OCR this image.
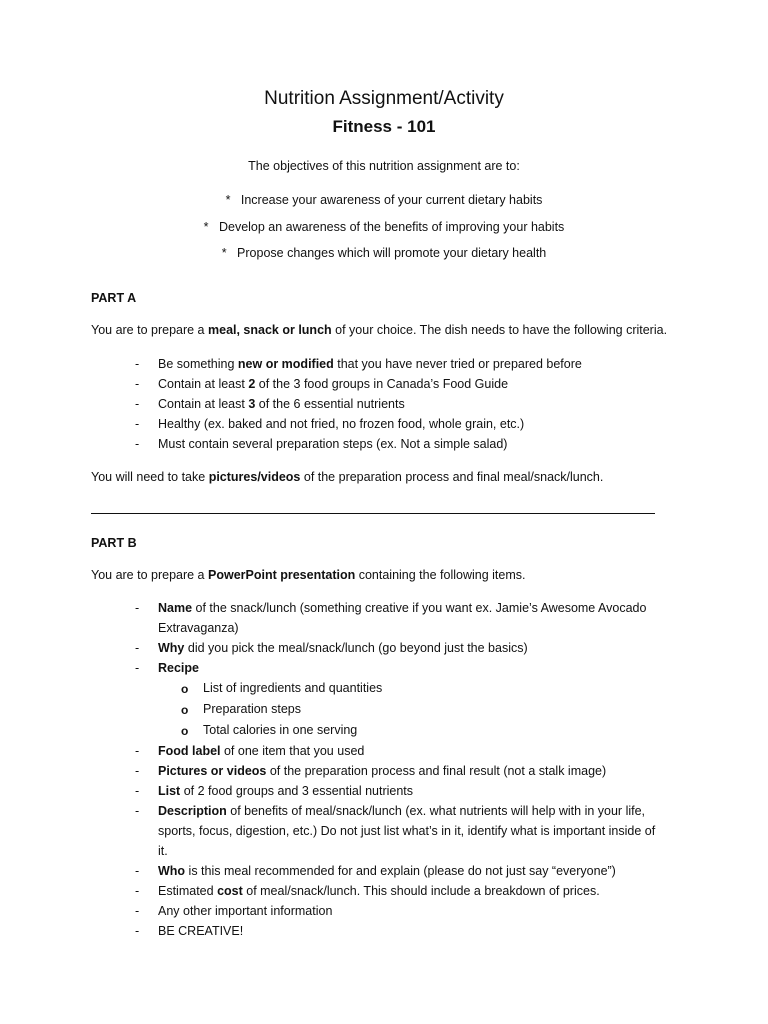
Nutrition Assignment/Activity
Fitness - 101
The objectives of this nutrition assignment are to:
* Increase your awareness of your current dietary habits
* Develop an awareness of the benefits of improving your habits
* Propose changes which will promote your dietary health
PART A
You are to prepare a meal, snack or lunch of your choice. The dish needs to have the following criteria.
- Be something new or modified that you have never tried or prepared before
- Contain at least 2 of the 3 food groups in Canada’s Food Guide
- Contain at least 3 of the 6 essential nutrients
- Healthy (ex. baked and not fried, no frozen food, whole grain, etc.)
- Must contain several preparation steps (ex. Not a simple salad)
You will need to take pictures/videos of the preparation process and final meal/snack/lunch.
PART B
You are to prepare a PowerPoint presentation containing the following items.
- Name of the snack/lunch (something creative if you want ex. Jamie’s Awesome Avocado
Extravaganza)
- Why did you pick the meal/snack/lunch (go beyond just the basics)
- Recipe
o List of ingredients and quantities
o Preparation steps
o Total calories in one serving
- Food label of one item that you used
- Pictures or videos of the preparation process and final result (not a stalk image)
- List of 2 food groups and 3 essential nutrients
- Description of benefits of meal/snack/lunch (ex. what nutrients will help with in your life,
sports, focus, digestion, etc.) Do not just list what’s in it, identify what is important inside of
it.
- Who is this meal recommended for and explain (please do not just say “everyone”)
- Estimated cost of meal/snack/lunch. This should include a breakdown of prices.
- Any other important information
- BE CREATIVE!
